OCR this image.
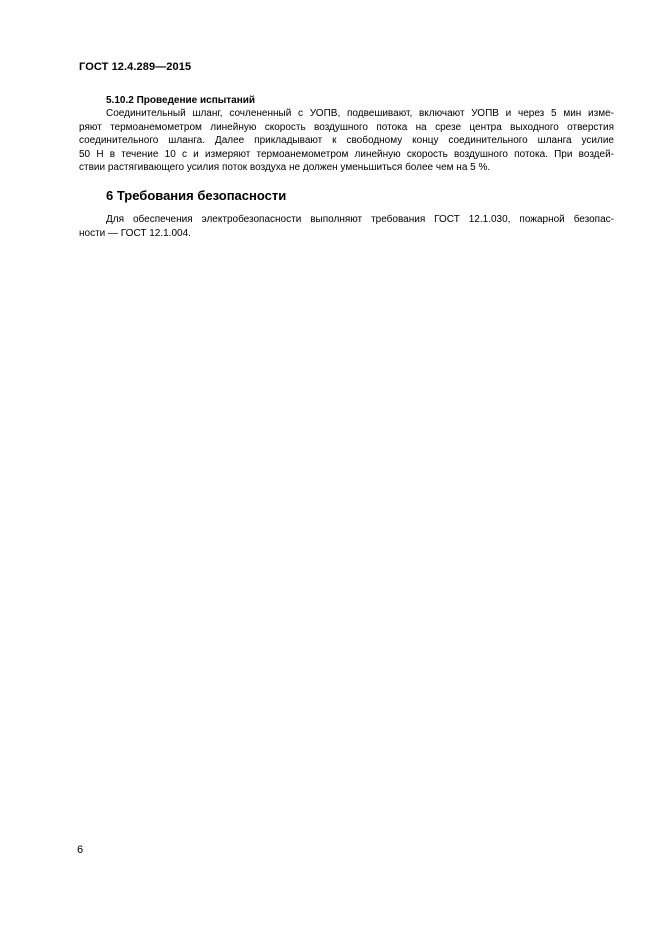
ГОСТ 12.4.289—2015
5.10.2 Проведение испытаний
Соединительный шланг, сочлененный с УОПВ, подвешивают, включают УОПВ и через 5 мин изме-
ряют термоанемометром линейную скорость воздушного потока на срезе центра выходного отверстия
соединительного шланга. Далее прикладывают к свободному концу соединительного шланга усилие
50 Н в течение 10 с и измеряют термоанемометром линейную скорость воздушного потока. При воздей-
ствии растягивающего усилия поток воздуха не должен уменьшиться более чем на 5 %.
6 Требования безопасности
Для обеспечения электробезопасности выполняют требования ГОСТ 12.1.030, пожарной безопас-
ности — ГОСТ 12.1.004.
6
